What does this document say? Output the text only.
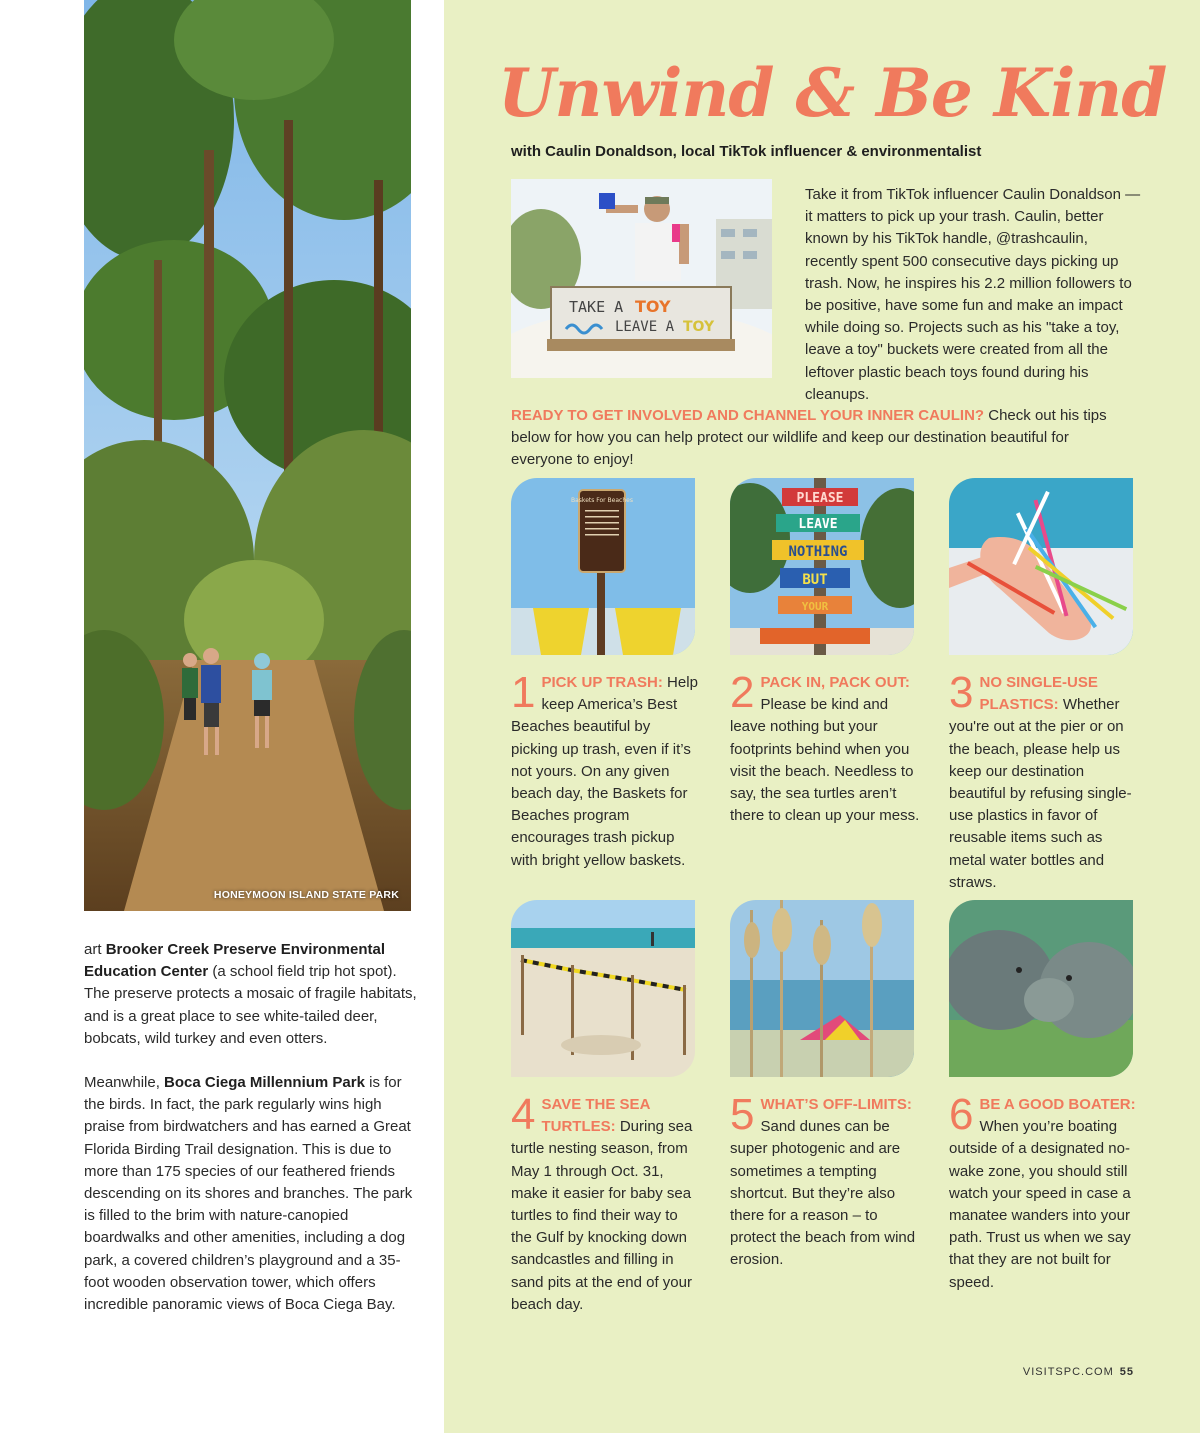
HONEYMOON ISLAND STATE PARK

art Brooker Creek Preserve Environmental Education Center (a school field trip hot spot). The preserve protects a mosaic of fragile habitats, and is a great place to see white-tailed deer, bobcats, wild turkey and even otters.

Meanwhile, Boca Ciega Millennium Park is for the birds. In fact, the park regularly wins high praise from birdwatchers and has earned a Great Florida Birding Trail designation. This is due to more than 175 species of our feathered friends descending on its shores and branches. The park is filled to the brim with nature-canopied boardwalks and other amenities, including a dog park, a covered children’s playground and a 35-foot wooden observation tower, which offers incredible panoramic views of Boca Ciega Bay.

Unwind & Be Kind
with Caulin Donaldson, local TikTok influencer & environmentalist
TAKE A TOY
LEAVE A TOY
Take it from TikTok influencer Caulin Donaldson — it matters to pick up your trash. Caulin, better known by his TikTok handle, @trashcaulin, recently spent 500 consecutive days picking up trash. Now, he inspires his 2.2 million followers to be positive, have some fun and make an impact while doing so. Projects such as his "take a toy, leave a toy" buckets were created from all the leftover plastic beach toys found during his cleanups.
READY TO GET INVOLVED AND CHANNEL YOUR INNER CAULIN? Check out his tips below for how you can help protect our wildlife and keep our destination beautiful for everyone to enjoy!
Baskets For Beaches	PLEASE
LEAVE
NOTHING
BUT
YOUR
1 PICK UP TRASH: Help keep America’s Best Beaches beautiful by picking up trash, even if it’s not yours. On any given beach day, the Baskets for Beaches program encourages trash pickup with bright yellow baskets.
2 PACK IN, PACK OUT: Please be kind and leave nothing but your footprints behind when you visit the beach. Needless to say, the sea turtles aren’t there to clean up your mess.
3 NO SINGLE-USE PLASTICS: Whether you're out at the pier or on the beach, please help us keep our destination beautiful by refusing single-use plastics in favor of reusable items such as metal water bottles and straws.
4 SAVE THE SEA TURTLES: During sea turtle nesting season, from May 1 through Oct. 31, make it easier for baby sea turtles to find their way to the Gulf by knocking down sandcastles and filling in sand pits at the end of your beach day.
5 WHAT’S OFF-LIMITS: Sand dunes can be super photogenic and are sometimes a tempting shortcut. But they’re also there for a reason – to protect the beach from wind erosion.
6 BE A GOOD BOATER: When you’re boating outside of a designated no-wake zone, you should still watch your speed in case a manatee wanders into your path. Trust us when we say that they are not built for speed.
VISITSPC.COM 55
